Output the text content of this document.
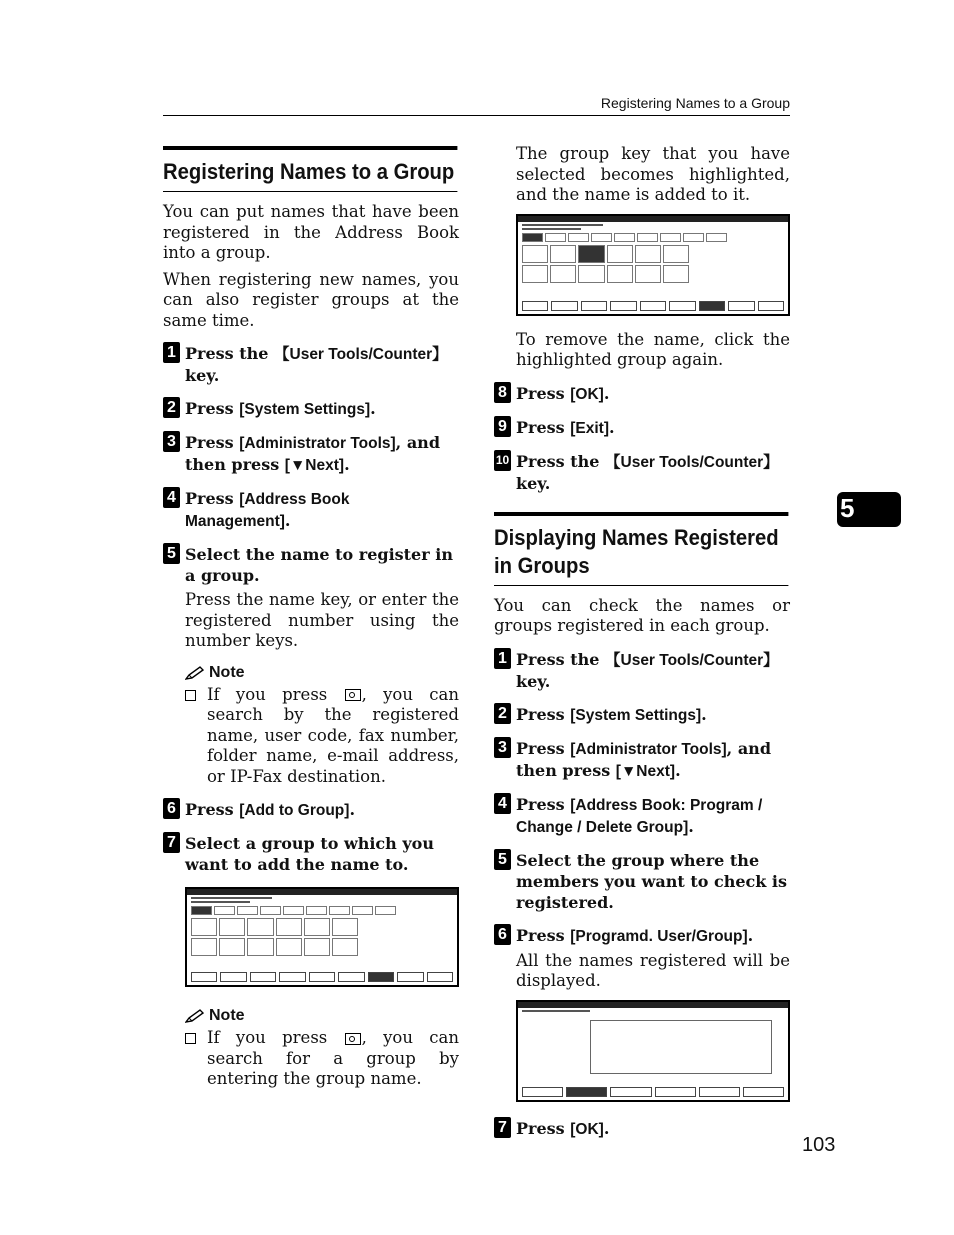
Registering Names to a Group
5
103
Registering Names to a Group

You can put names that have been registered in the Address Book into a group.

When registering new names, you can also register groups at the same time.

1 Press the 【User Tools/Counter】 key.
2 Press [System Settings].
3 Press [Administrator Tools], and then press [▼Next].
4 Press [Address Book Management].
5 Select the name to register in a group.

Press the name key, or enter the registered number using the number keys.

Note
If you press , you can search by the registered name, user code, fax number, folder name, e-mail address, or IP-Fax destination.
6 Press [Add to Group].
7 Select a group to which you want to add the name to.
Note
If you press , you can search for a group by entering the group name.

The group key that you have selected becomes highlighted, and the name is added to it.

To remove the name, click the highlighted group again.

8 Press [OK].
9 Press [Exit].
10 Press the 【User Tools/Counter】 key.
Displaying Names Registered in Groups

You can check the names or groups registered in each group.

1 Press the 【User Tools/Counter】 key.
2 Press [System Settings].
3 Press [Administrator Tools], and then press [▼Next].
4 Press [Address Book: Program / Change / Delete Group].
5 Select the group where the members you want to check is registered.
6 Press [Programd. User/Group].

All the names registered will be displayed.

7 Press [OK].
